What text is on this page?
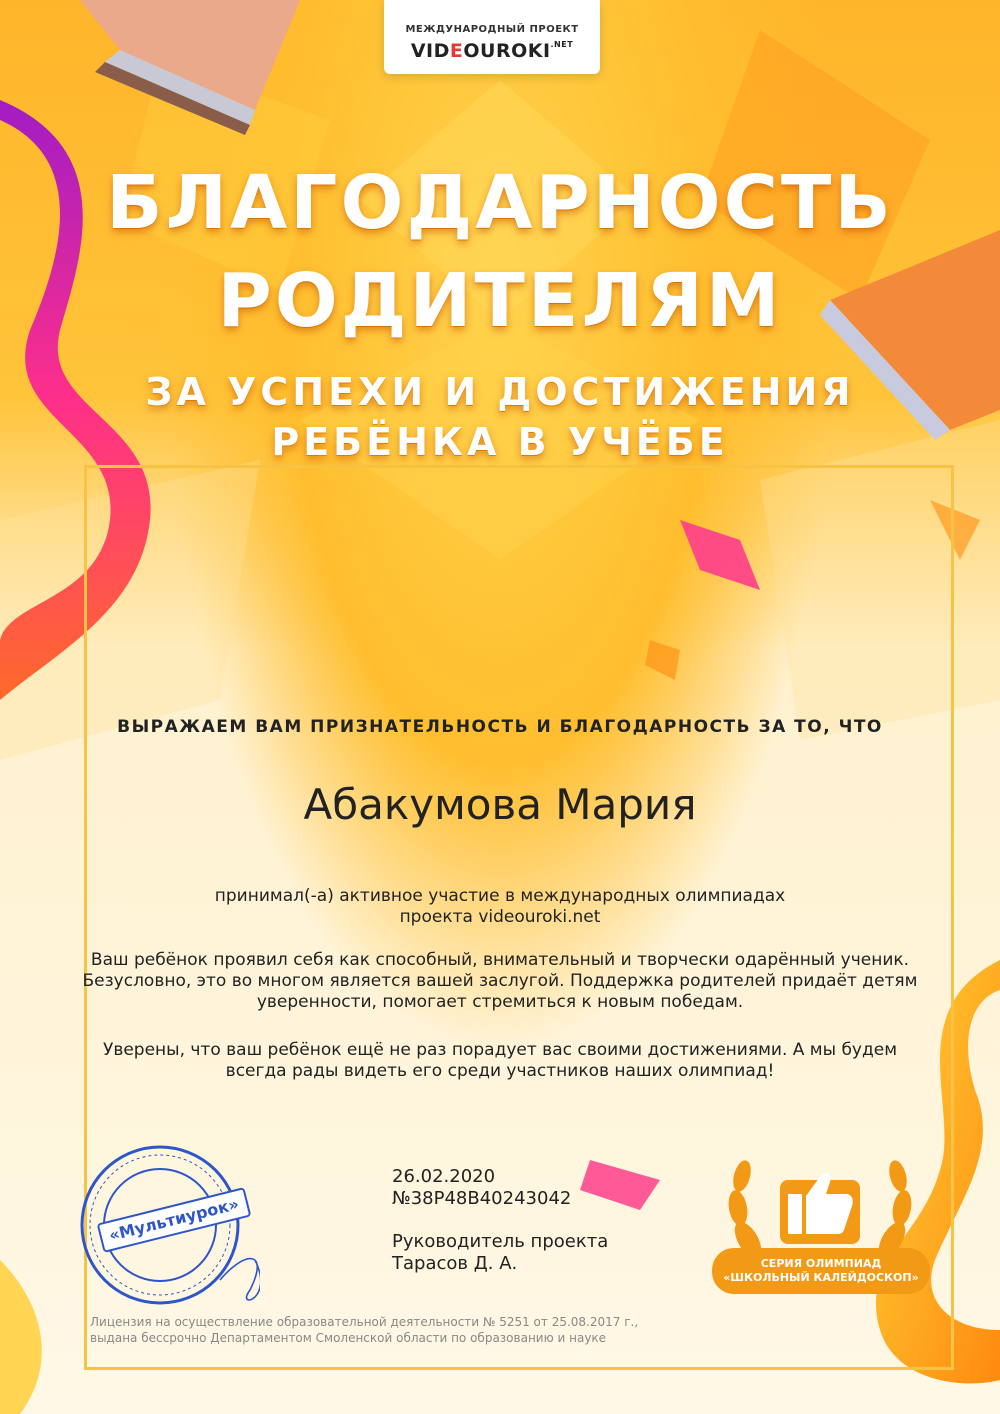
МЕЖДУНАРОДНЫЙ ПРОЕКТ
$VIDEOUROKI^{.NET}$
БЛАГОДАРНОСТЬ
РОДИТЕЛЯМ
ЗА УСПЕХИ И ДОСТИЖЕНИЯ
РЕБЁНКА В УЧЁБЕ
ВЫРАЖАЕМ ВАМ ПРИЗНАТЕЛЬНОСТЬ И БЛАГОДАРНОСТЬ ЗА ТО, ЧТО
Абакумова Мария
принимал(-а) активное участие в международных олимпиадах
проекта videouroki.net
Ваш ребёнок проявил себя как способный, внимательный и творчески одарённый ученик.
Безусловно, это во многом является вашей заслугой. Поддержка родителей придаёт детям
уверенности, помогает стремиться к новым победам.
Уверены, что ваш ребёнок ещё не раз порадует вас своими достижениями. А мы будем
всегда рады видеть его среди участников наших олимпиад!
«Мультиурок»
26.02.2020
№38Р48В40243042
Руководитель проекта
Тарасов Д. А.	СЕРИЯ ОЛИМПИАД
«ШКОЛЬНЫЙ КАЛЕЙДОСКОП»
Лицензия на осуществление образовательной деятельности № 5251 от 25.08.2017 г.,
выдана бессрочно Департаментом Смоленской области по образованию и науке
